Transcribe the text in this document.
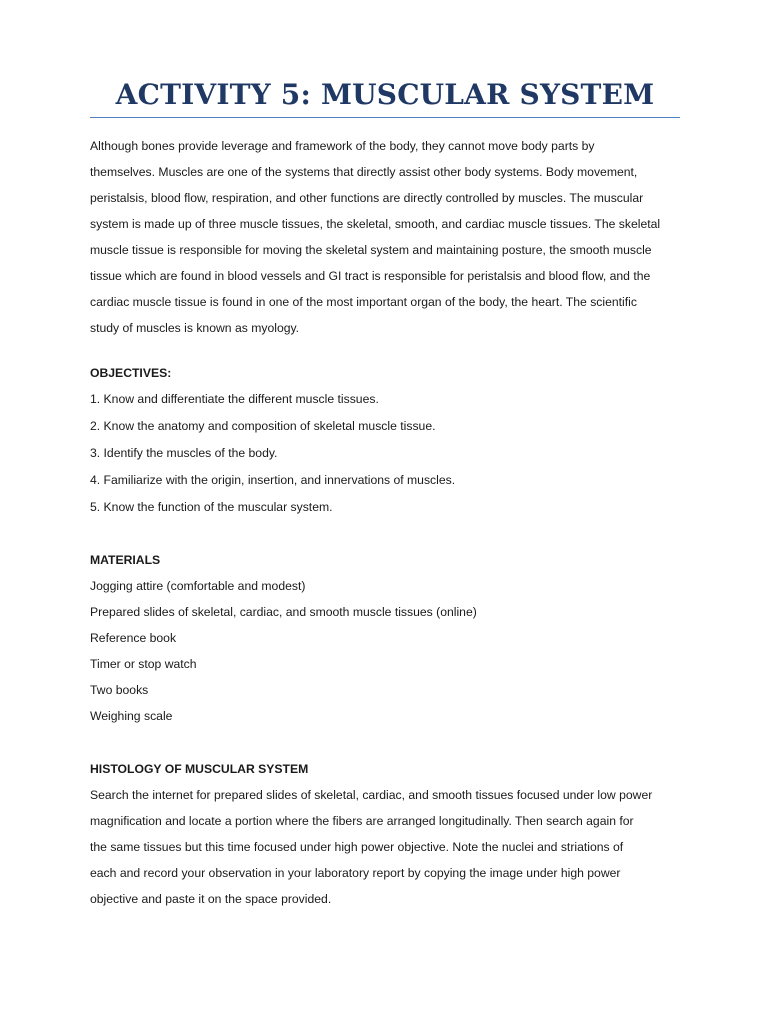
ACTIVITY 5: MUSCULAR SYSTEM

Although bones provide leverage and framework of the body, they cannot move body parts by

themselves. Muscles are one of the systems that directly assist other body systems. Body movement,

peristalsis, blood flow, respiration, and other functions are directly controlled by muscles. The muscular

system is made up of three muscle tissues, the skeletal, smooth, and cardiac muscle tissues. The skeletal

muscle tissue is responsible for moving the skeletal system and maintaining posture, the smooth muscle

tissue which are found in blood vessels and GI tract is responsible for peristalsis and blood flow, and the

cardiac muscle tissue is found in one of the most important organ of the body, the heart. The scientific

study of muscles is known as myology.

OBJECTIVES:

1. Know and differentiate the different muscle tissues.

2. Know the anatomy and composition of skeletal muscle tissue.

3. Identify the muscles of the body.

4. Familiarize with the origin, insertion, and innervations of muscles.

5. Know the function of the muscular system.

MATERIALS

Jogging attire (comfortable and modest)

Prepared slides of skeletal, cardiac, and smooth muscle tissues (online)

Reference book

Timer or stop watch

Two books

Weighing scale

HISTOLOGY OF MUSCULAR SYSTEM

Search the internet for prepared slides of skeletal, cardiac, and smooth tissues focused under low power

magnification and locate a portion where the fibers are arranged longitudinally. Then search again for

the same tissues but this time focused under high power objective. Note the nuclei and striations of

each and record your observation in your laboratory report by copying the image under high power

objective and paste it on the space provided.
